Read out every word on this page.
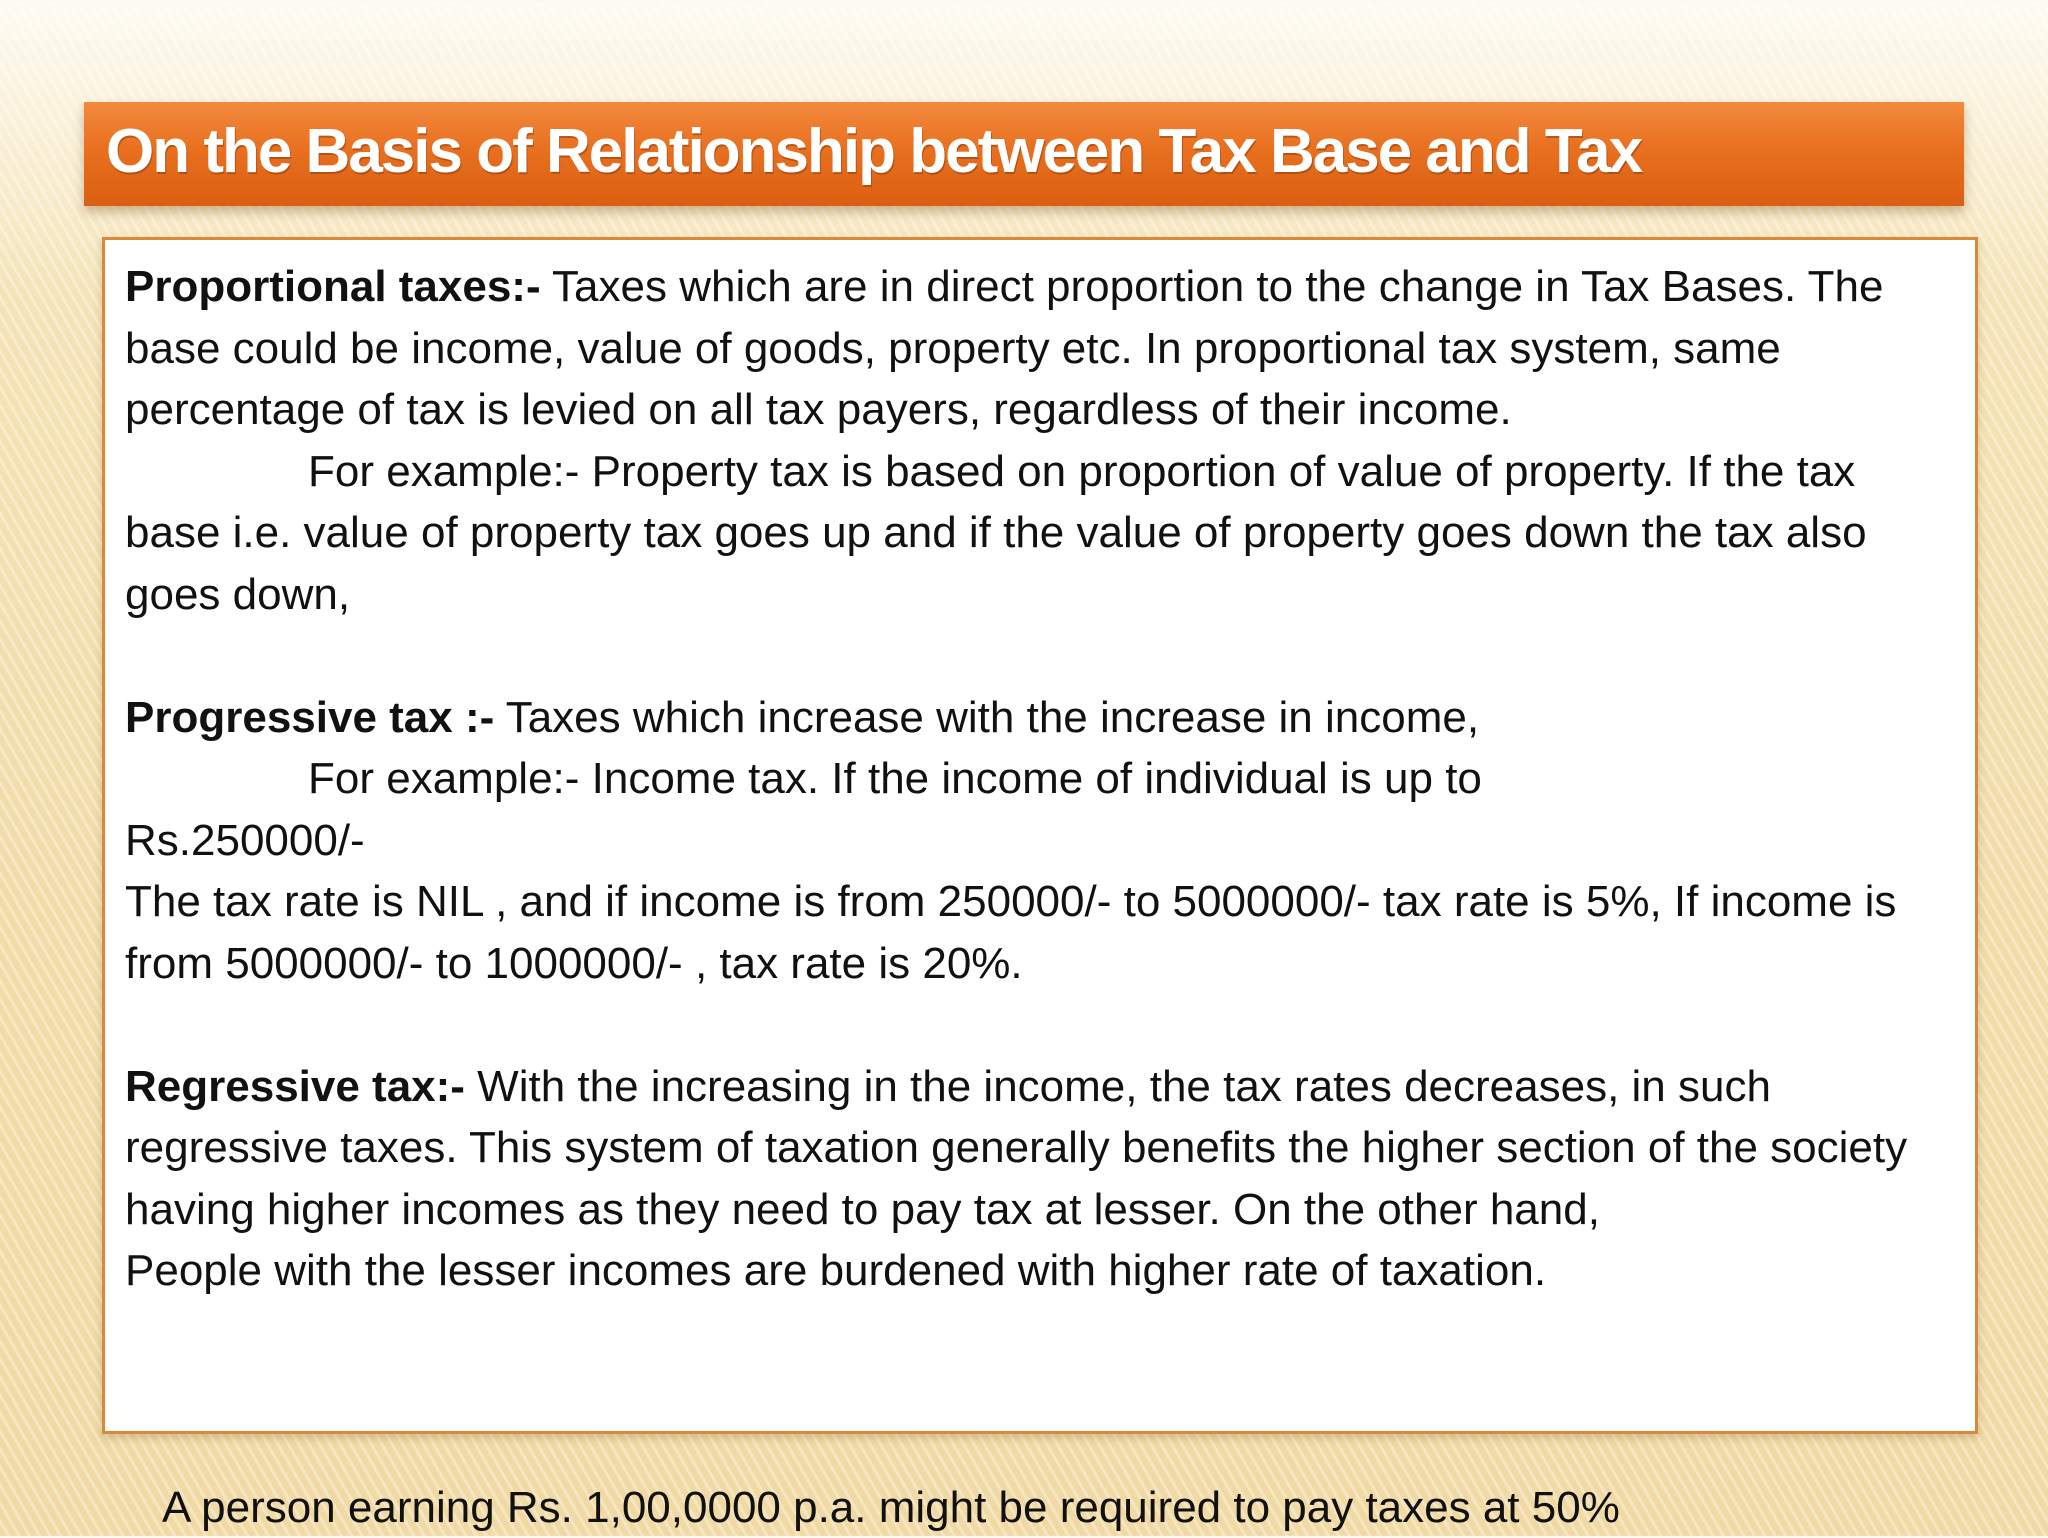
On the Basis of Relationship between Tax Base and Tax

Proportional taxes:- Taxes which are in direct proportion to the change in Tax Bases. The base could be income, value of goods, property etc. In proportional tax system, same percentage of tax is levied on all tax payers, regardless of their income.

For example:- Property tax is based on proportion of value of property. If the tax base i.e. value of property tax goes up and if the value of property goes down the tax also goes down,

Progressive tax :- Taxes which increase with the increase in income,

For example:- Income tax. If the income of individual is up to Rs.250000/-

The tax rate is NIL , and if income is from 250000/- to 5000000/- tax rate is 5%, If income is from 5000000/- to 1000000/- , tax rate is 20%.

Regressive tax:- With the increasing in the income, the tax rates decreases, in such regressive taxes. This system of taxation generally benefits the higher section of the society having higher incomes as they need to pay tax at lesser. On the other hand,

People with the lesser incomes are burdened with higher rate of taxation.

A person earning Rs. 1,00,0000 p.a. might be required to pay taxes at 50%
